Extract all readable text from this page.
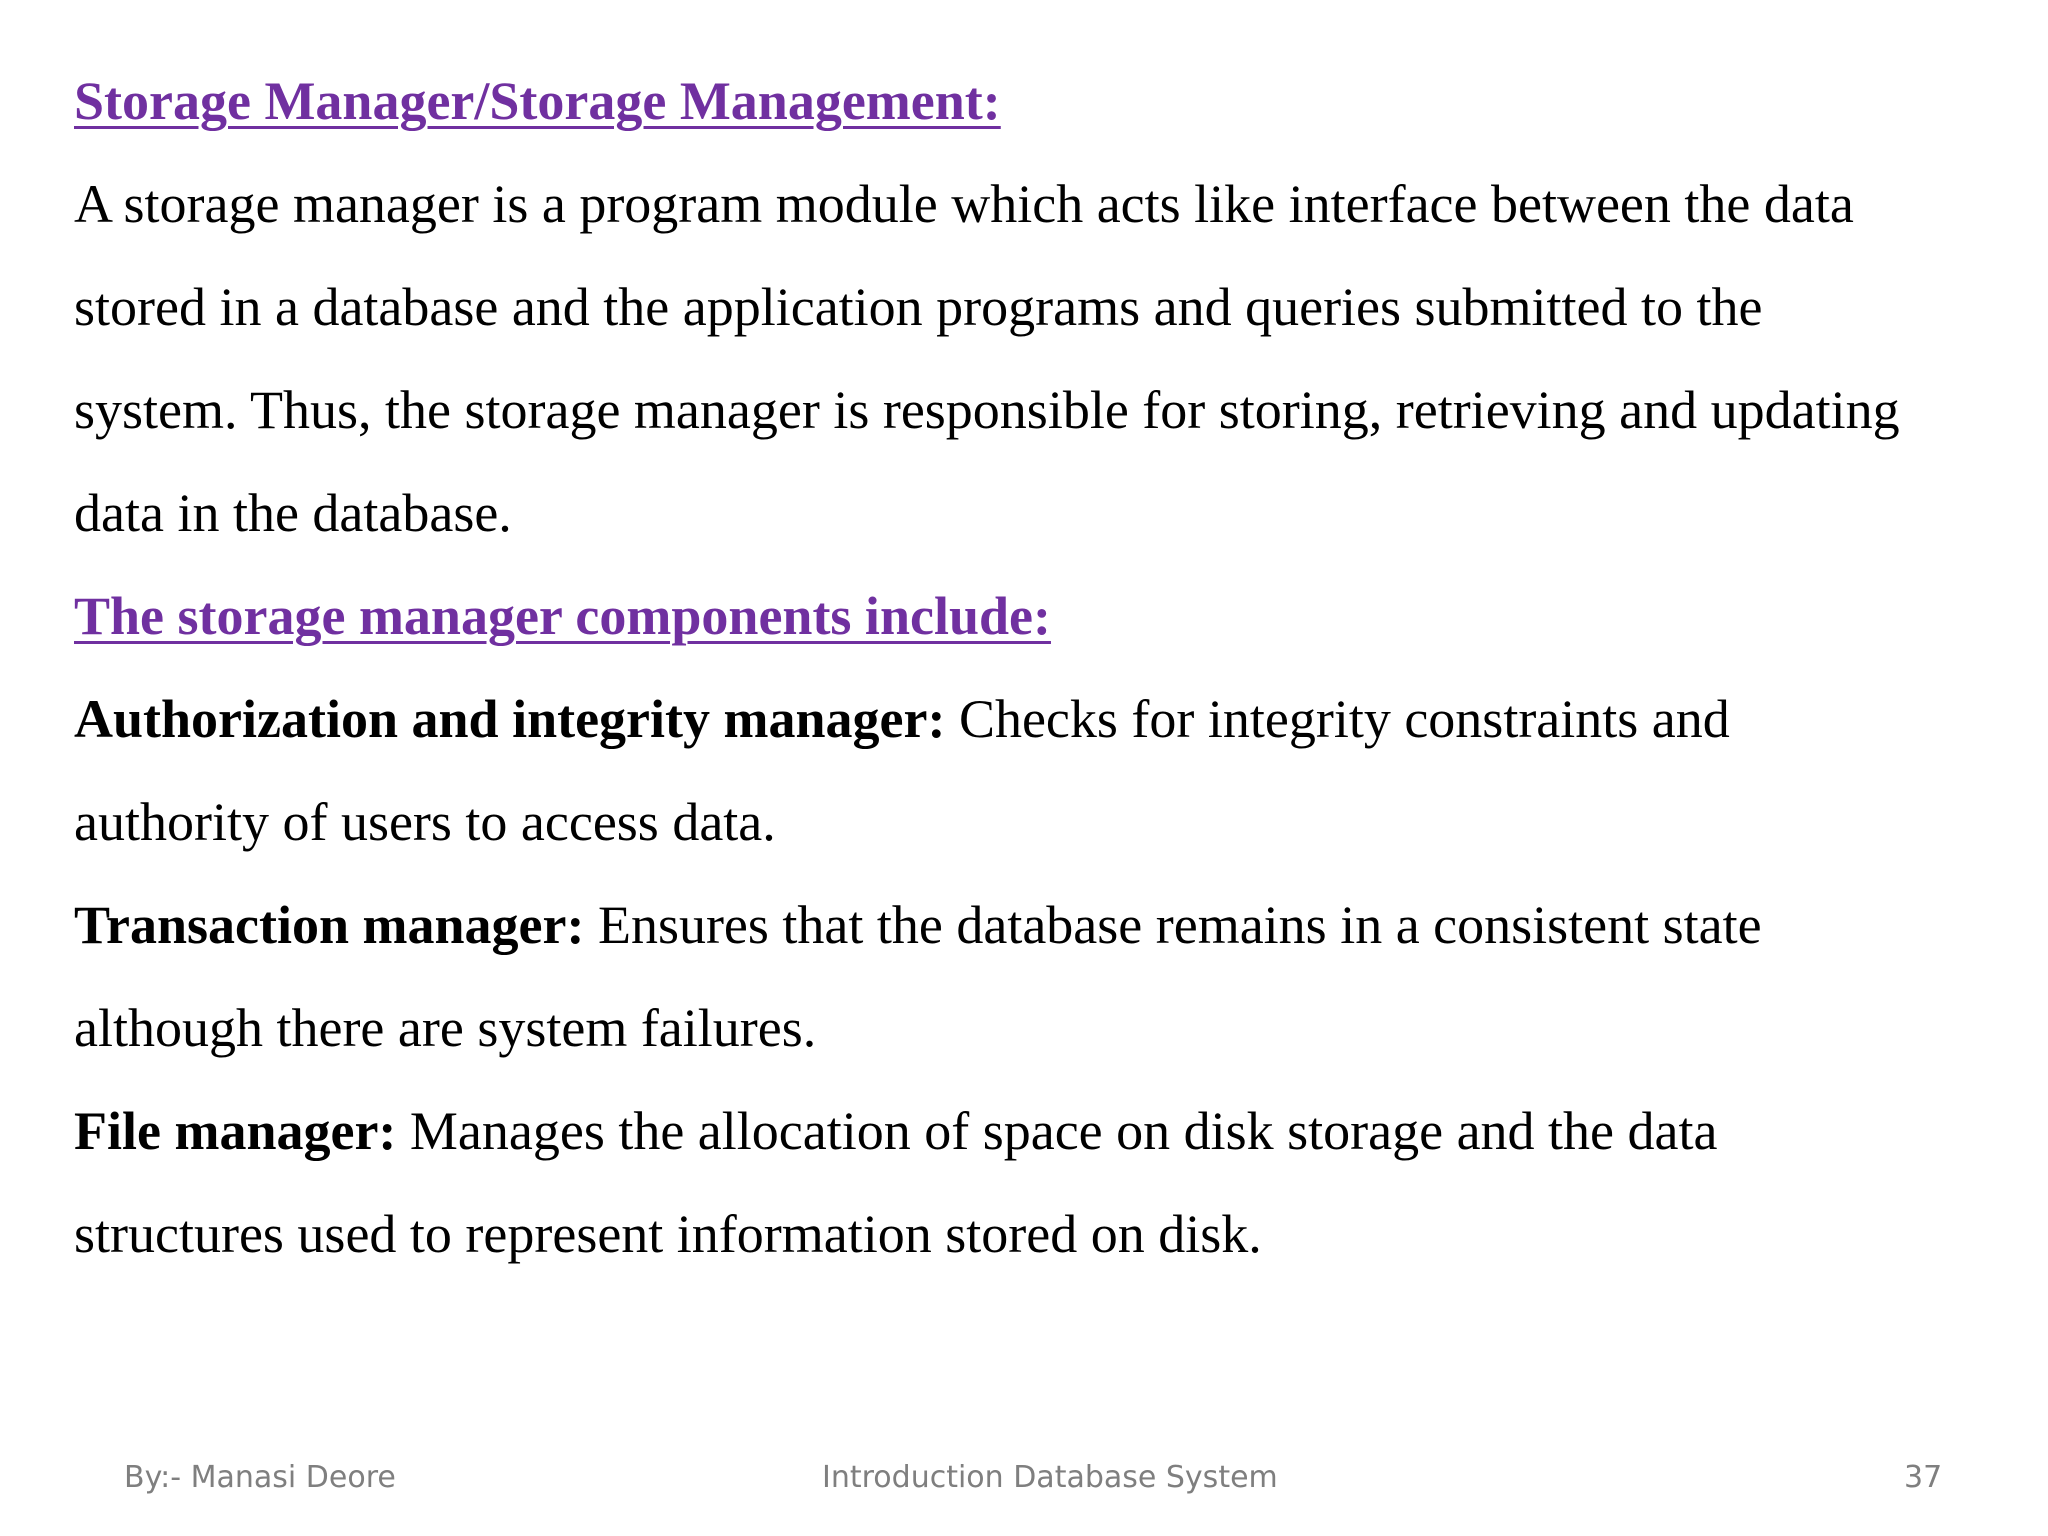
Storage Manager/Storage Management:
A storage manager is a program module which acts like interface between the data
stored in a database and the application programs and queries submitted to the
system. Thus, the storage manager is responsible for storing, retrieving and updating
data in the database.
The storage manager components include:
Authorization and integrity manager: Checks for integrity constraints and
authority of users to access data.
Transaction manager: Ensures that the database remains in a consistent state
although there are system failures.
File manager: Manages the allocation of space on disk storage and the data
structures used to represent information stored on disk.
By:- Manasi Deore	Introduction Database System	37
